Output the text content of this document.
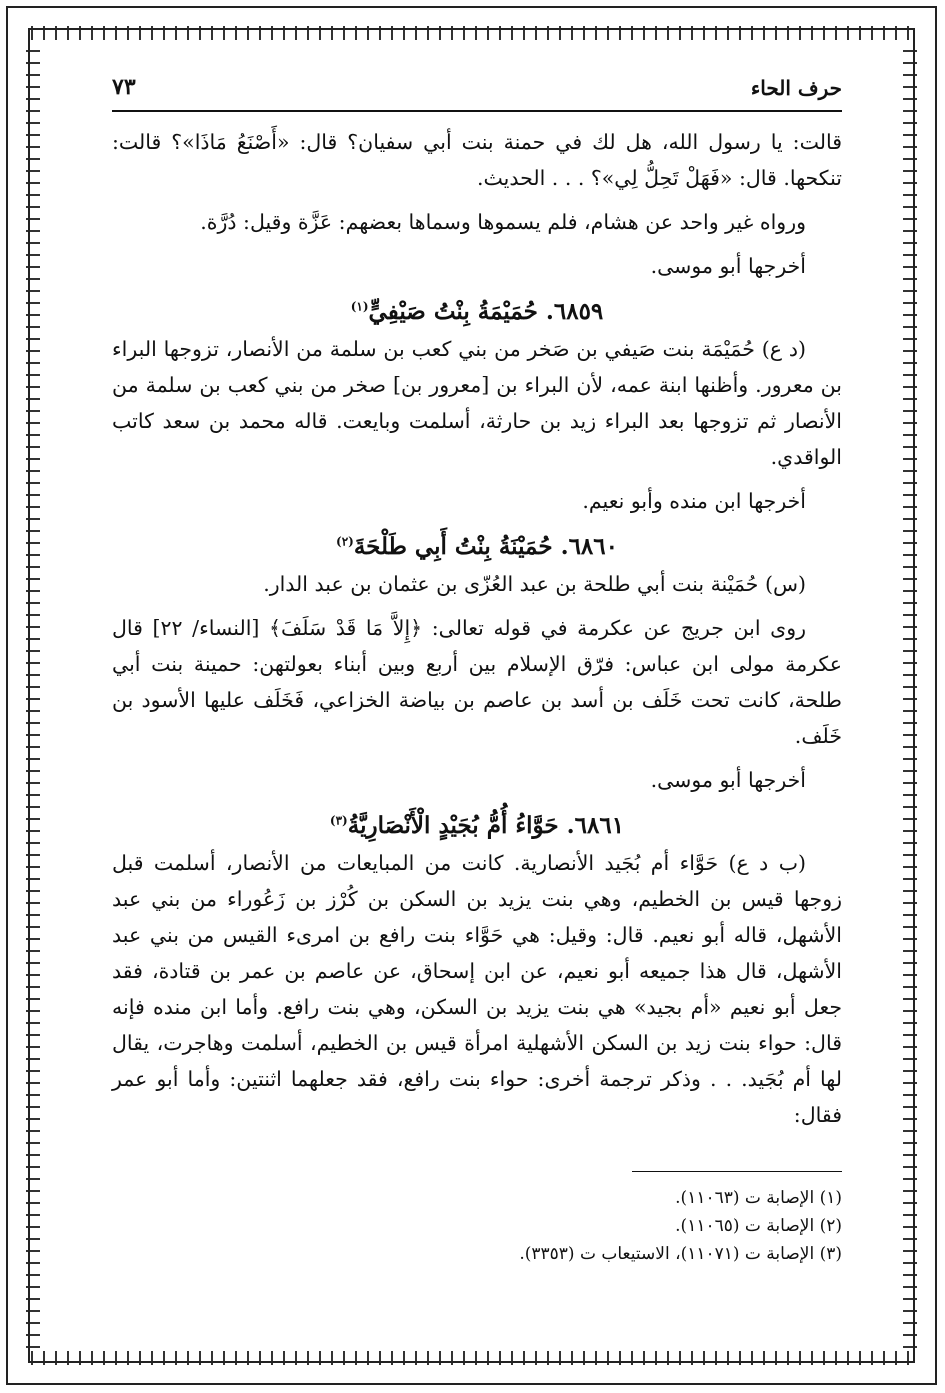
حرف الحاء
٧٣

قالت: يا رسول الله، هل لك في حمنة بنت أبي سفيان؟ قال: «أَصْنَعُ مَاذَا»؟ قالت: تنكحها. قال: «فَهَلْ تَحِلُّ لِي»؟ . . . الحديث.

ورواه غير واحد عن هشام، فلم يسموها وسماها بعضهم: عَزَّة وقيل: دُرَّة.

أخرجها أبو موسى.

٦٨٥٩. حُمَيْمَةُ بِنْتُ صَيْفِيٍّ$^{(١)}$

(د ع) حُمَيْمَة بنت صَيفي بن صَخر من بني كعب بن سلمة من الأنصار، تزوجها البراء بن معرور. وأظنها ابنة عمه، لأن البراء بن [معرور بن] صخر من بني كعب بن سلمة من الأنصار ثم تزوجها بعد البراء زيد بن حارثة، أسلمت وبايعت. قاله محمد بن سعد كاتب الواقدي.

أخرجها ابن منده وأبو نعيم.

٦٨٦٠. حُمَيْنَةُ بِنْتُ أَبِي طَلْحَةَ$^{(٢)}$

(س) حُمَيْنة بنت أبي طلحة بن عبد العُزّى بن عثمان بن عبد الدار.

روى ابن جريج عن عكرمة في قوله تعالى: ﴿إِلاَّ مَا قَدْ سَلَفَ﴾ [النساء/ ٢٢] قال عكرمة مولى ابن عباس: فرّق الإسلام بين أربع وبين أبناء بعولتهن: حمينة بنت أبي طلحة، كانت تحت خَلَف بن أسد بن عاصم بن بياضة الخزاعي، فَخَلَف عليها الأسود بن خَلَف.

أخرجها أبو موسى.

٦٨٦١. حَوَّاءُ أُمُّ بُجَيْدٍ الْأَنْصَارِيَّةُ$^{(٣)}$

(ب د ع) حَوَّاء أم بُجَيد الأنصارية. كانت من المبايعات من الأنصار، أسلمت قبل زوجها قيس بن الخطيم، وهي بنت يزيد بن السكن بن كُرْز بن زَعُوراء من بني عبد الأشهل، قاله أبو نعيم. قال: وقيل: هي حَوَّاء بنت رافع بن امرىء القيس من بني عبد الأشهل، قال هذا جميعه أبو نعيم، عن ابن إسحاق، عن عاصم بن عمر بن قتادة، فقد جعل أبو نعيم «أم بجيد» هي بنت يزيد بن السكن، وهي بنت رافع. وأما ابن منده فإنه قال: حواء بنت زيد بن السكن الأشهلية امرأة قيس بن الخطيم، أسلمت وهاجرت، يقال لها أم بُجَيد. . . وذكر ترجمة أخرى: حواء بنت رافع، فقد جعلهما اثنتين: وأما أبو عمر فقال:

(١) الإصابة ت (١١٠٦٣).

(٢) الإصابة ت (١١٠٦٥).

(٣) الإصابة ت (١١٠٧١)، الاستيعاب ت (٣٣٥٣).
